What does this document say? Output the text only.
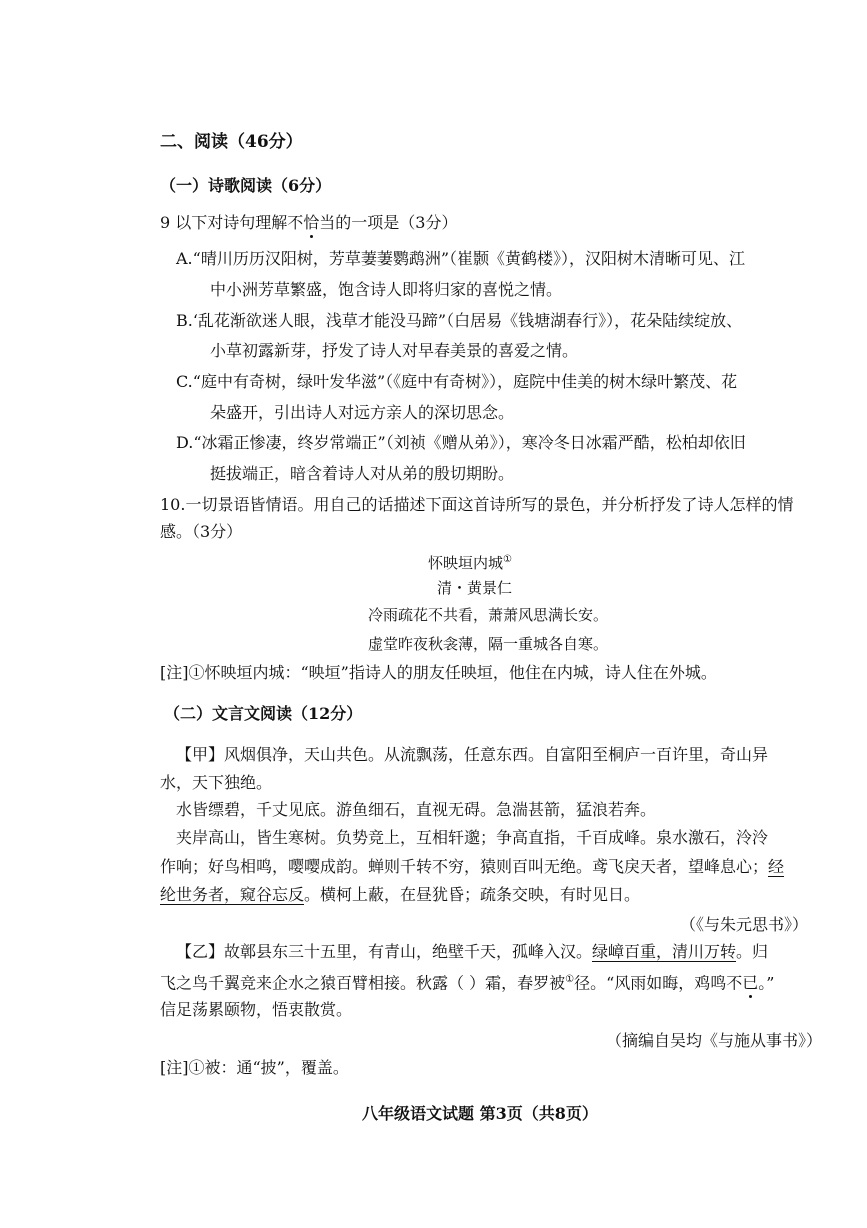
二、阅读（46分）
（一）诗歌阅读（6分）
9 以下对诗句理解不恰当的一项是（3分）
A.“晴川历历汉阳树，芳草萋萋鹦鹉洲”（崔颢《黄鹤楼》），汉阳树木清晰可见、江
中小洲芳草繁盛，饱含诗人即将归家的喜悦之情。
B.‘乱花渐欲迷人眼，浅草才能没马蹄”（白居易《钱塘湖春行》），花朵陆续绽放、
小草初露新芽，抒发了诗人对早春美景的喜爱之情。
C.“庭中有奇树，绿叶发华滋”（《庭中有奇树》），庭院中佳美的树木绿叶繁茂、花
朵盛开，引出诗人对远方亲人的深切思念。
D.“冰霜正惨凄，终岁常端正”（刘祯《赠从弟》），寒冷冬日冰霜严酷，松柏却依旧
挺拔端正，暗含着诗人对从弟的殷切期盼。
10.一切景语皆情语。用自己的话描述下面这首诗所写的景色，并分析抒发了诗人怎样的情
感。（3分）
怀映垣内城①
清・黄景仁
冷雨疏花不共看，萧萧风思满长安。
虚堂昨夜秋衾薄，隔一重城各自寒。
[注]①怀映垣内城：“映垣”指诗人的朋友任映垣，他住在内城，诗人住在外城。
（二）文言文阅读（12分）
【甲】风烟俱净，天山共色。从流飘荡，任意东西。自富阳至桐庐一百许里，奇山异
水，天下独绝。
水皆缥碧，千丈见底。游鱼细石，直视无碍。急湍甚箭，猛浪若奔。
夹岸高山，皆生寒树。负势竞上，互相轩邈；争高直指，千百成峰。泉水激石，泠泠
作响；好鸟相鸣，嘤嘤成韵。蝉则千转不穷，猿则百叫无绝。鸢飞戾天者，望峰息心；经
纶世务者，窥谷忘反。横柯上蔽，在昼犹昏；疏条交映，有时见日。
（《与朱元思书》）
【乙】故鄣县东三十五里，有青山，绝壁千天，孤峰入汉。绿嶂百重，清川万转。归
飞之鸟千翼竞来企水之猿百臂相接。秋露（ ）霜，春罗被①径。“风雨如晦，鸡鸣不已。”
信足荡累颐物，悟衷散赏。
（摘编自吴均《与施从事书》）
[注]①被：通“披”，覆盖。
八年级语文试题 第3页（共8页）
